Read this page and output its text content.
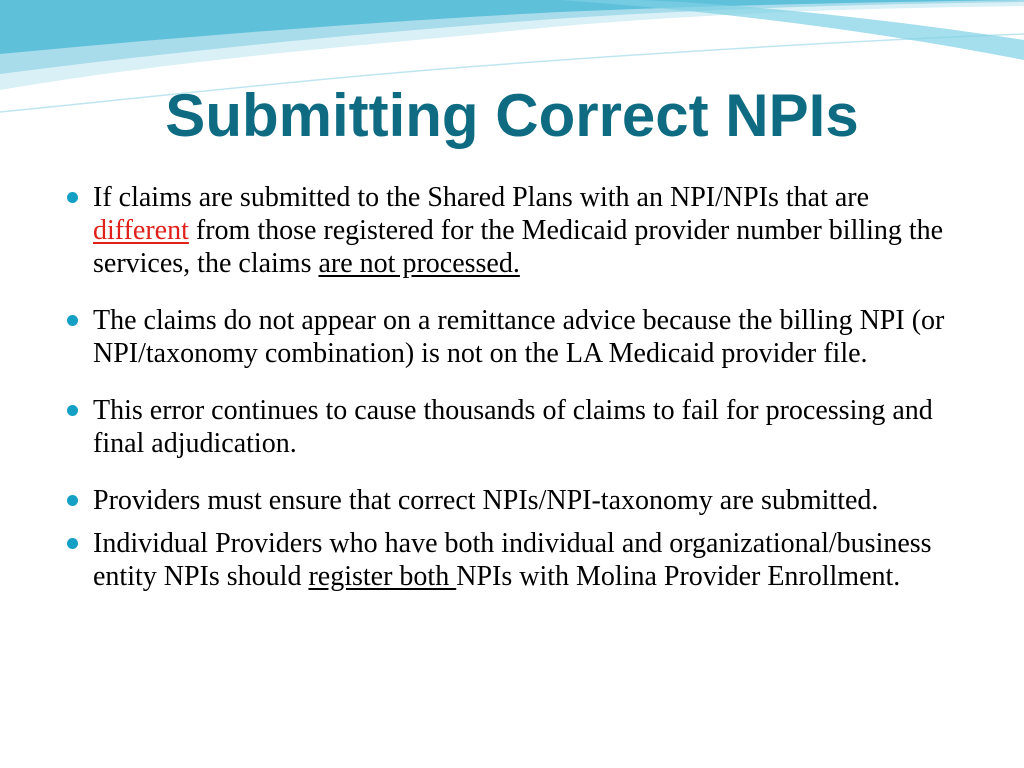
Submitting Correct NPIs
If claims are submitted to the Shared Plans with an NPI/NPIs that are different from those registered for the Medicaid provider number billing the services, the claims are not processed.
The claims do not appear on a remittance advice because the billing NPI (or NPI/taxonomy combination) is not on the LA Medicaid provider file.
This error continues to cause thousands of claims to fail for processing and final adjudication.
Providers must ensure that correct NPIs/NPI-taxonomy are submitted.
Individual Providers who have both individual and organizational/business entity NPIs should register both NPIs with Molina Provider Enrollment.
